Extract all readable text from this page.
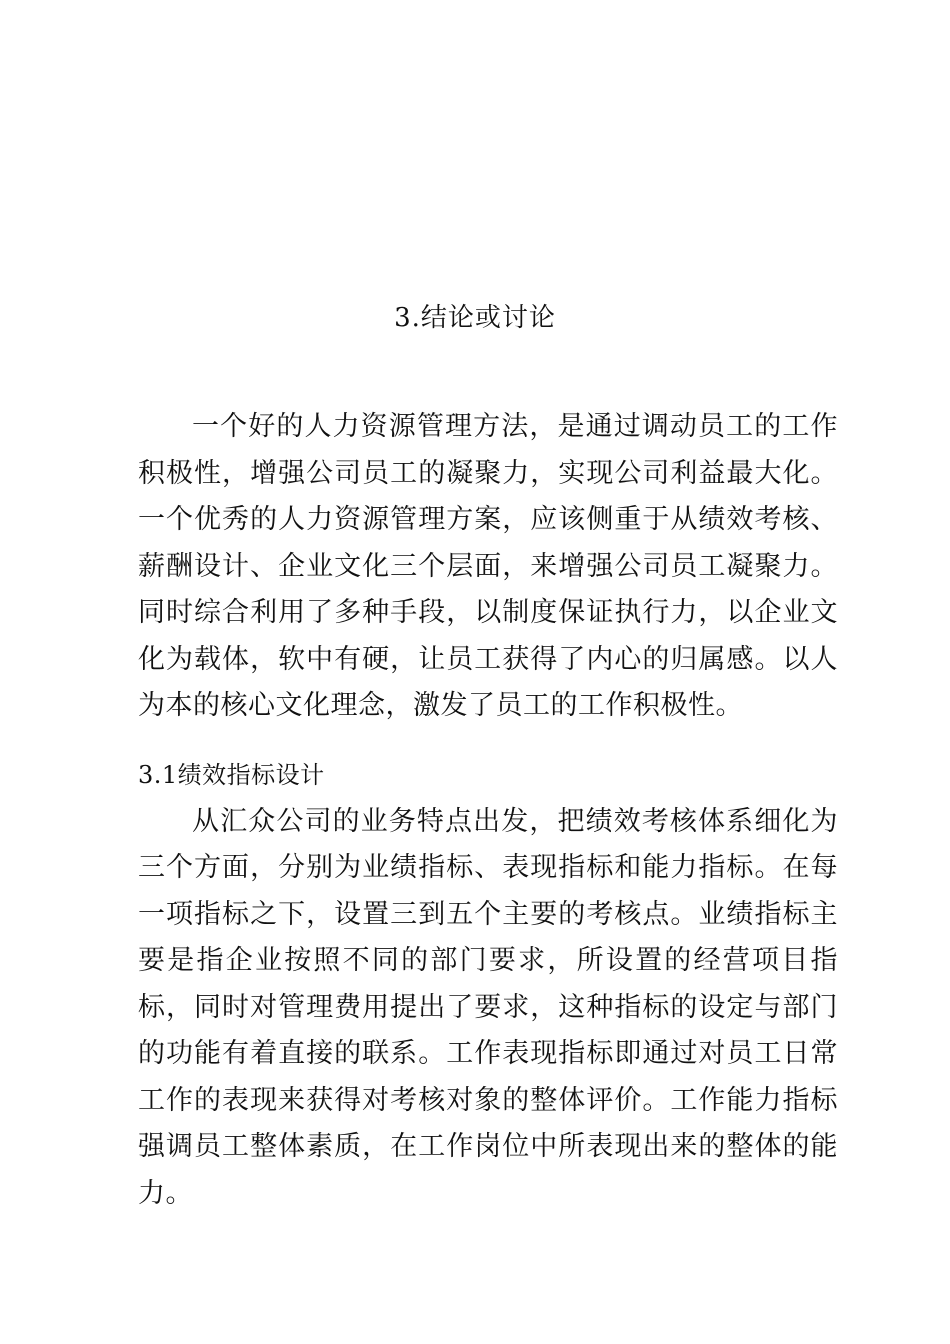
3.结论或讨论

一个好的人力资源管理方法，是通过调动员工的工作积极性，增强公司员工的凝聚力，实现公司利益最大化。一个优秀的人力资源管理方案，应该侧重于从绩效考核、薪酬设计、企业文化三个层面，来增强公司员工凝聚力。同时综合利用了多种手段，以制度保证执行力，以企业文化为载体，软中有硬，让员工获得了内心的归属感。以人为本的核心文化理念，激发了员工的工作积极性。

3.1绩效指标设计

从汇众公司的业务特点出发，把绩效考核体系细化为三个方面，分别为业绩指标、表现指标和能力指标。在每一项指标之下，设置三到五个主要的考核点。业绩指标主要是指企业按照不同的部门要求，所设置的经营项目指标，同时对管理费用提出了要求，这种指标的设定与部门的功能有着直接的联系。工作表现指标即通过对员工日常工作的表现来获得对考核对象的整体评价。工作能力指标强调员工整体素质，在工作岗位中所表现出来的整体的能力。
